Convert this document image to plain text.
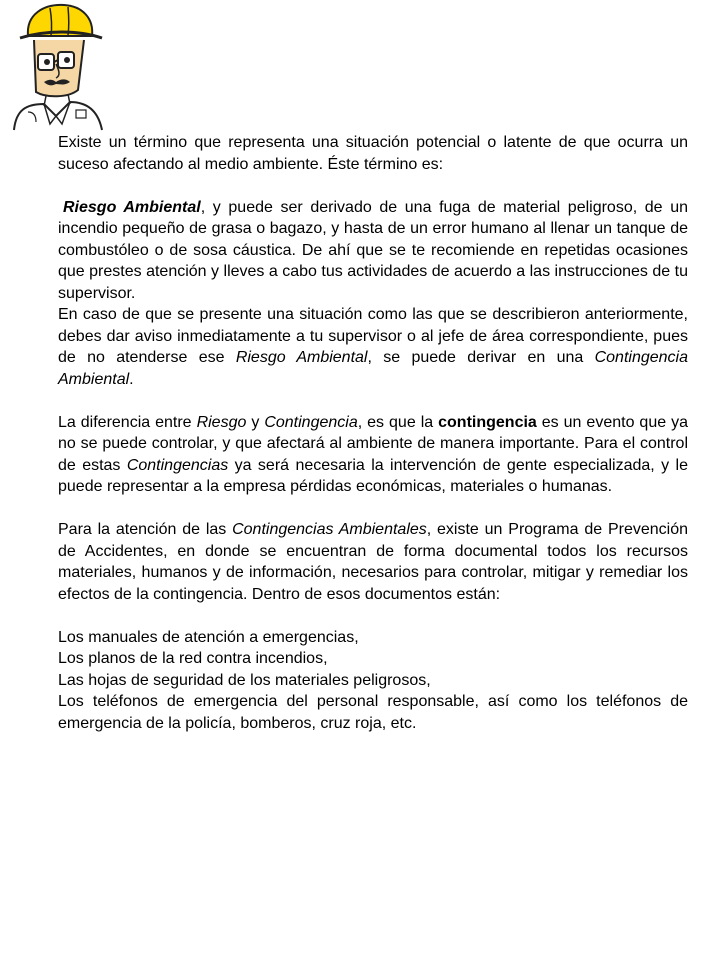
Existe un término que representa una situación potencial o latente de que ocurra un suceso afectando al medio ambiente. Éste término es:

Riesgo Ambiental, y puede ser derivado de una fuga de material peligroso, de un incendio pequeño de grasa o bagazo, y hasta de un error humano al llenar un tanque de combustóleo o de sosa cáustica. De ahí que se te recomiende en repetidas ocasiones que prestes atención y lleves a cabo tus actividades de acuerdo a las instrucciones de tu supervisor.

En caso de que se presente una situación como las que se describieron anteriormente, debes dar aviso inmediatamente a tu supervisor o al jefe de área correspondiente, pues de no atenderse ese Riesgo Ambiental, se puede derivar en una Contingencia Ambiental.

La diferencia entre Riesgo y Contingencia, es que la contingencia es un evento que ya no se puede controlar, y que afectará al ambiente de manera importante. Para el control de estas Contingencias ya será necesaria la intervención de gente especializada, y le puede representar a la empresa pérdidas económicas, materiales o humanas.

Para la atención de las Contingencias Ambientales, existe un Programa de Prevención de Accidentes, en donde se encuentran de forma documental todos los recursos materiales, humanos y de información, necesarios para controlar, mitigar y remediar los efectos de la contingencia. Dentro de esos documentos están:

Los manuales de atención a emergencias,

Los planos de la red contra incendios,

Las hojas de seguridad de los materiales peligrosos,

Los teléfonos de emergencia del personal responsable, así como los teléfonos de emergencia de la policía, bomberos, cruz roja, etc.
